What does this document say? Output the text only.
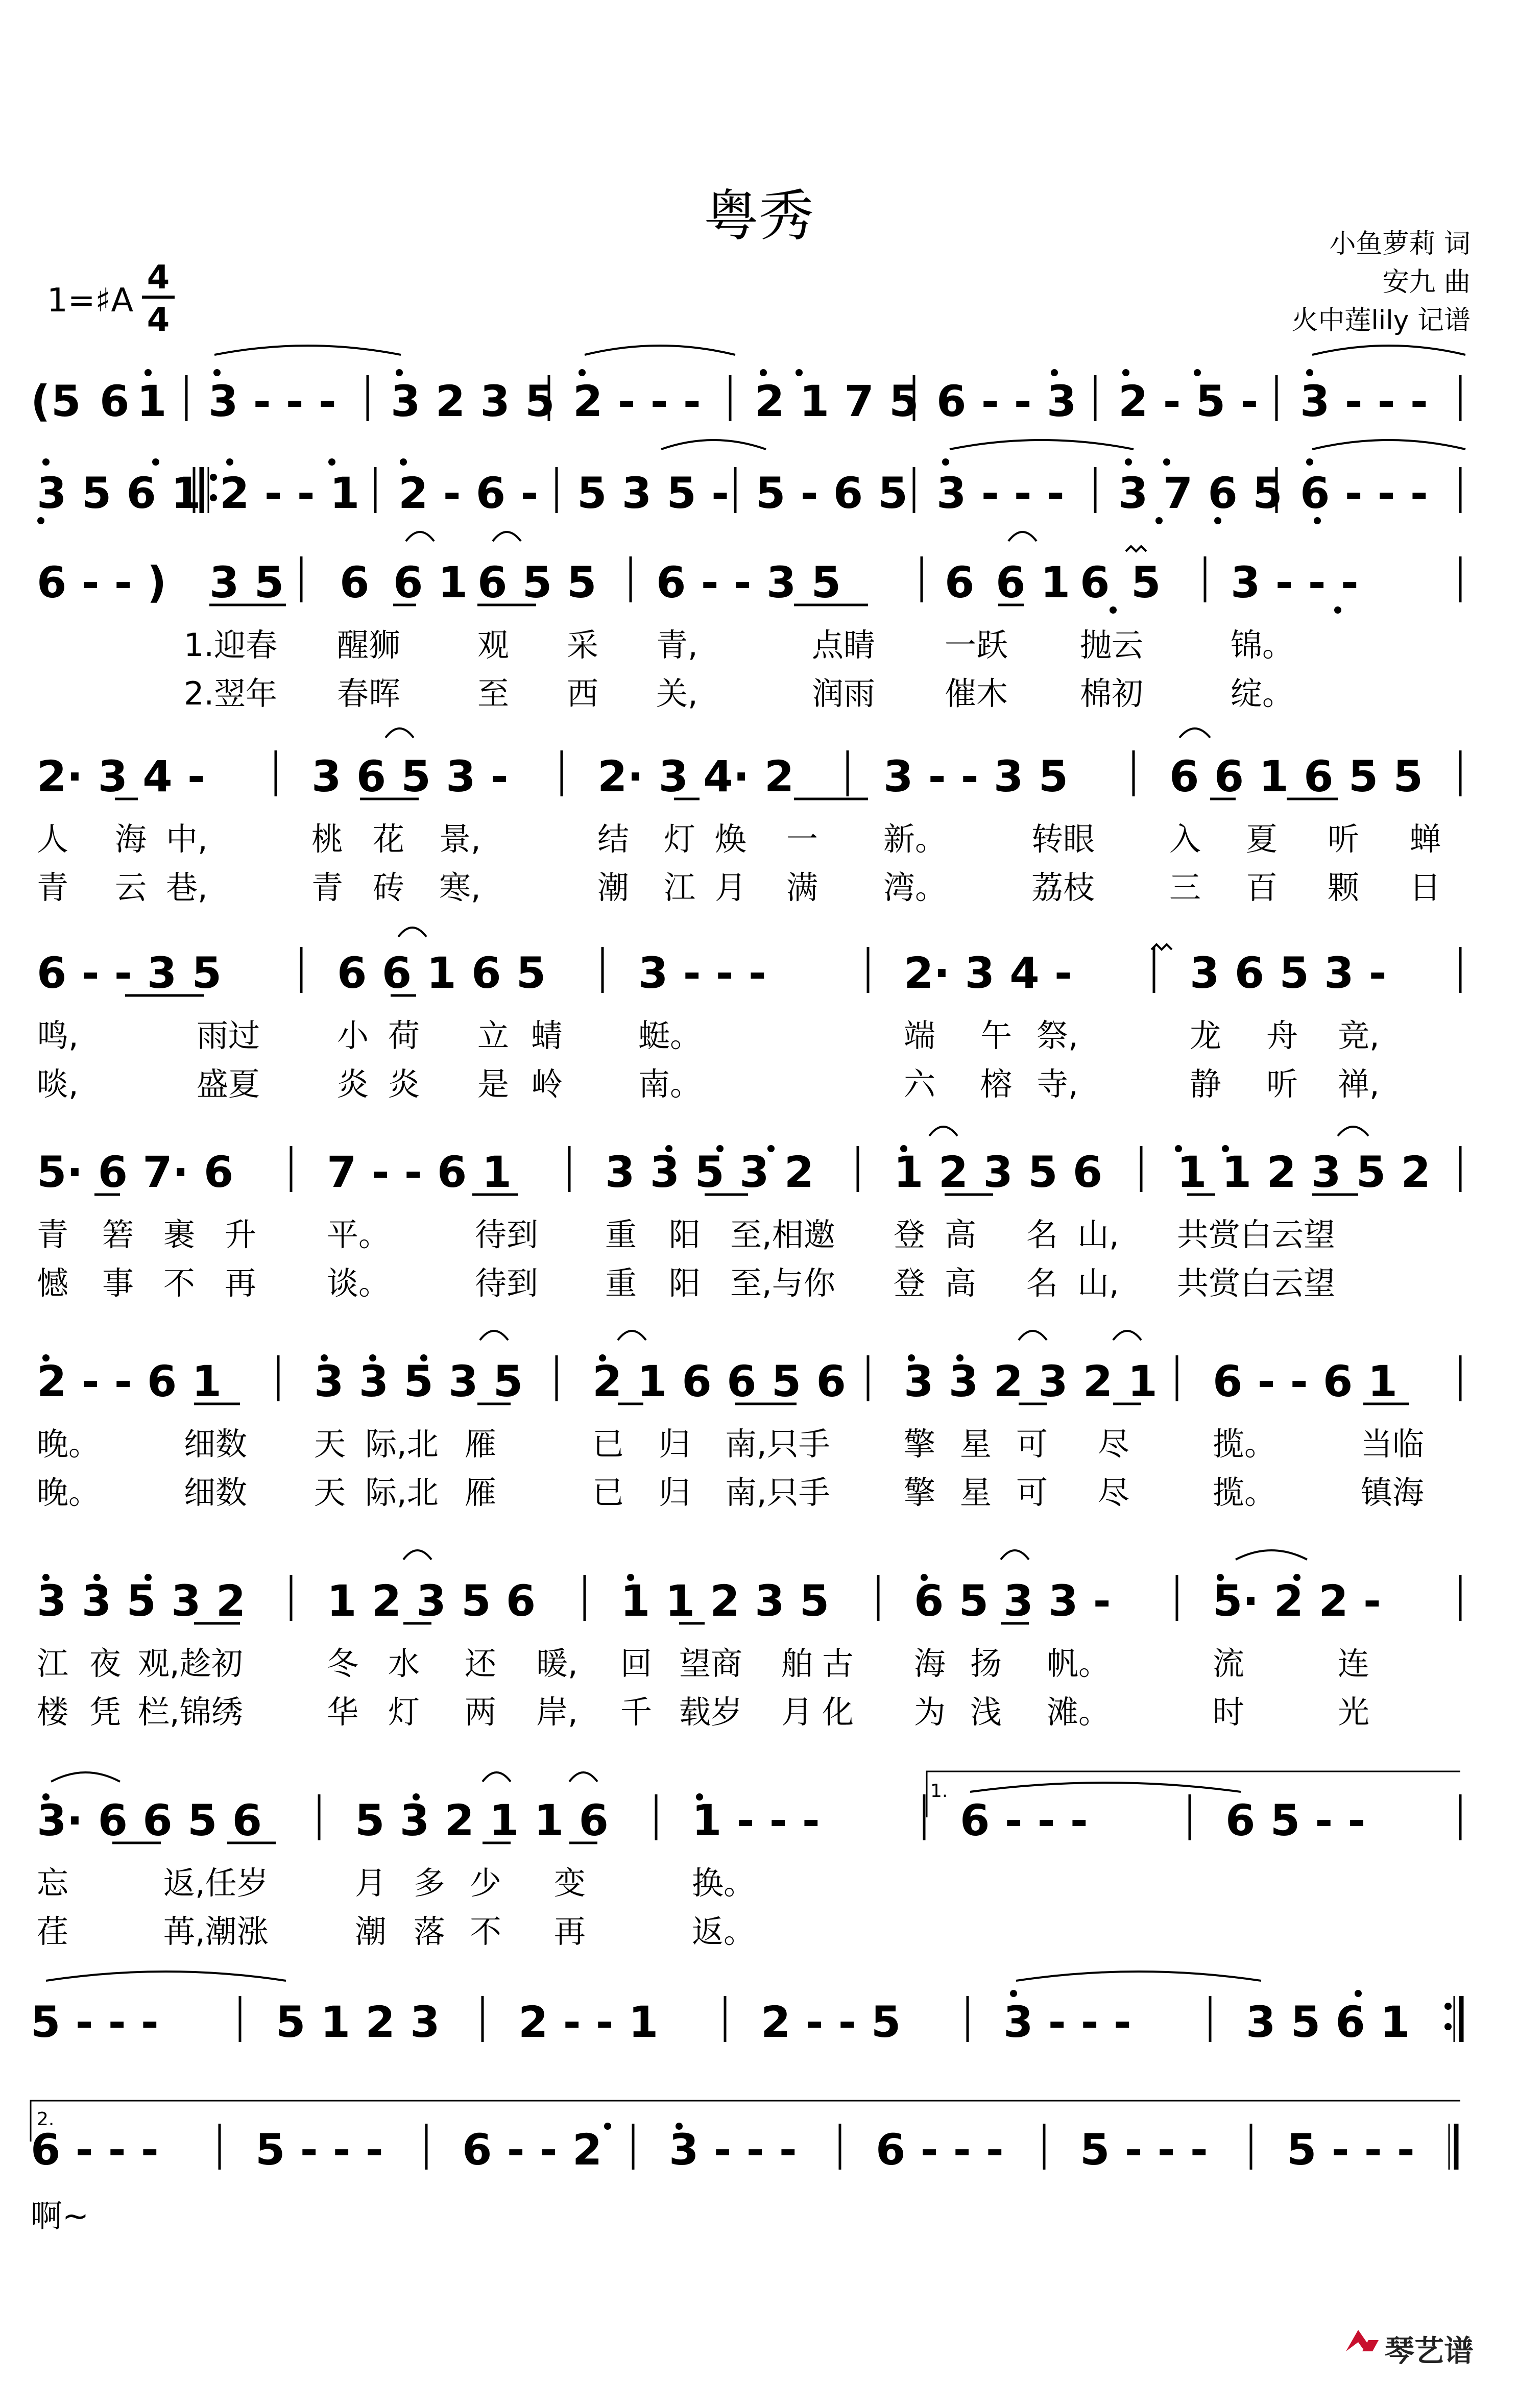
粤秀	小鱼萝莉 词
安九 曲
火中莲lily 记谱
1=♯A
4
4
( 5 6 1 3 - - - 3 2 3 5 2 - - - 2 1 7 5 6 - - 3 2 - 5 - 3 - - -
3 5 6 1 2 - - 1 2 - 6 - 5 3 5 - 5 - 6 5 3 - - - 3 7 6 5 6 - - -
6 - - ) 3 5 6 6 1 6 5 5 6 - - 3 5 6 6 1 6 5 3 - - -
1.迎春 醒狮 观 采 青,	点睛 一跃 抛云	锦。
2.翌年 春晖 至 西 关,	润雨 催木 棉初	绽。
2· 3 4 - 3 6 5 3 - 2· 3 4· 2 3 - - 3 5 6 6 1 6 5 5
人 海 中,	桃 花 景,	结 灯 焕 一 新。	转眼 入 夏 听 蝉
青 云 巷,	青 砖 寒,	潮 江 月 满 湾。	荔枝 三 百 颗 日
6 - - 3 5	6 6 1 6 5 3 - - -	2· 3 4 -	3 6 5 3 -
鸣,	雨过 小 荷 立 蜻 蜓。	端 午 祭,	龙 舟 竞,
啖,	盛夏 炎 炎 是 岭 南。	六 榕 寺,	静 听 禅,
5· 6 7· 6 7 - - 6 1 3 3 5 3 2 1 2 3 5 6 1 1 2 3 5 2
青 箬 裹 升 平。	待到 重 阳 至,相邀 登 高 名 山, 共赏白云望
憾 事 不 再 谈。	待到 重 阳 至,与你 登 高 名 山, 共赏白云望
2 - - 6 1 3 3 5 3 5 2 1 6 6 5 6 3 3 2 3 2 1 6 - - 6 1
晚。	细数 天 际,北 雁	已 归 南,只手 擎 星 可 尽	揽。	当临
晚。	细数 天 际,北 雁	已 归 南,只手 擎 星 可 尽	揽。	镇海
3 3 5 3 2 1 2 3 5 6 1 1 2 3 5 6 5 3 3 - 5· 2 2 -
江 夜 观,趁初	冬 水 还 暖, 回 望商 舶 古 海 扬 帆。	流	连
楼 凭 栏,锦绣	华 灯 两 岸, 千 载岁 月 化 为 浅 滩。	时	光
1.
3· 6 6 5 6 5 3 2 1 1 6 1 - - -	6 - - -	6 5 - -
忘	返,任岁	月 多 少 变	换。
荏	苒,潮涨	潮 落 不 再	返。
5 - - -	5 1 2 3 2 - - 1 2 - - 5 3 - - -	3 5 6 1
2.
6 - - - 5 - - - 6 - - 2 3 - - - 6 - - - 5 - - - 5 - - -
啊~
琴艺谱
